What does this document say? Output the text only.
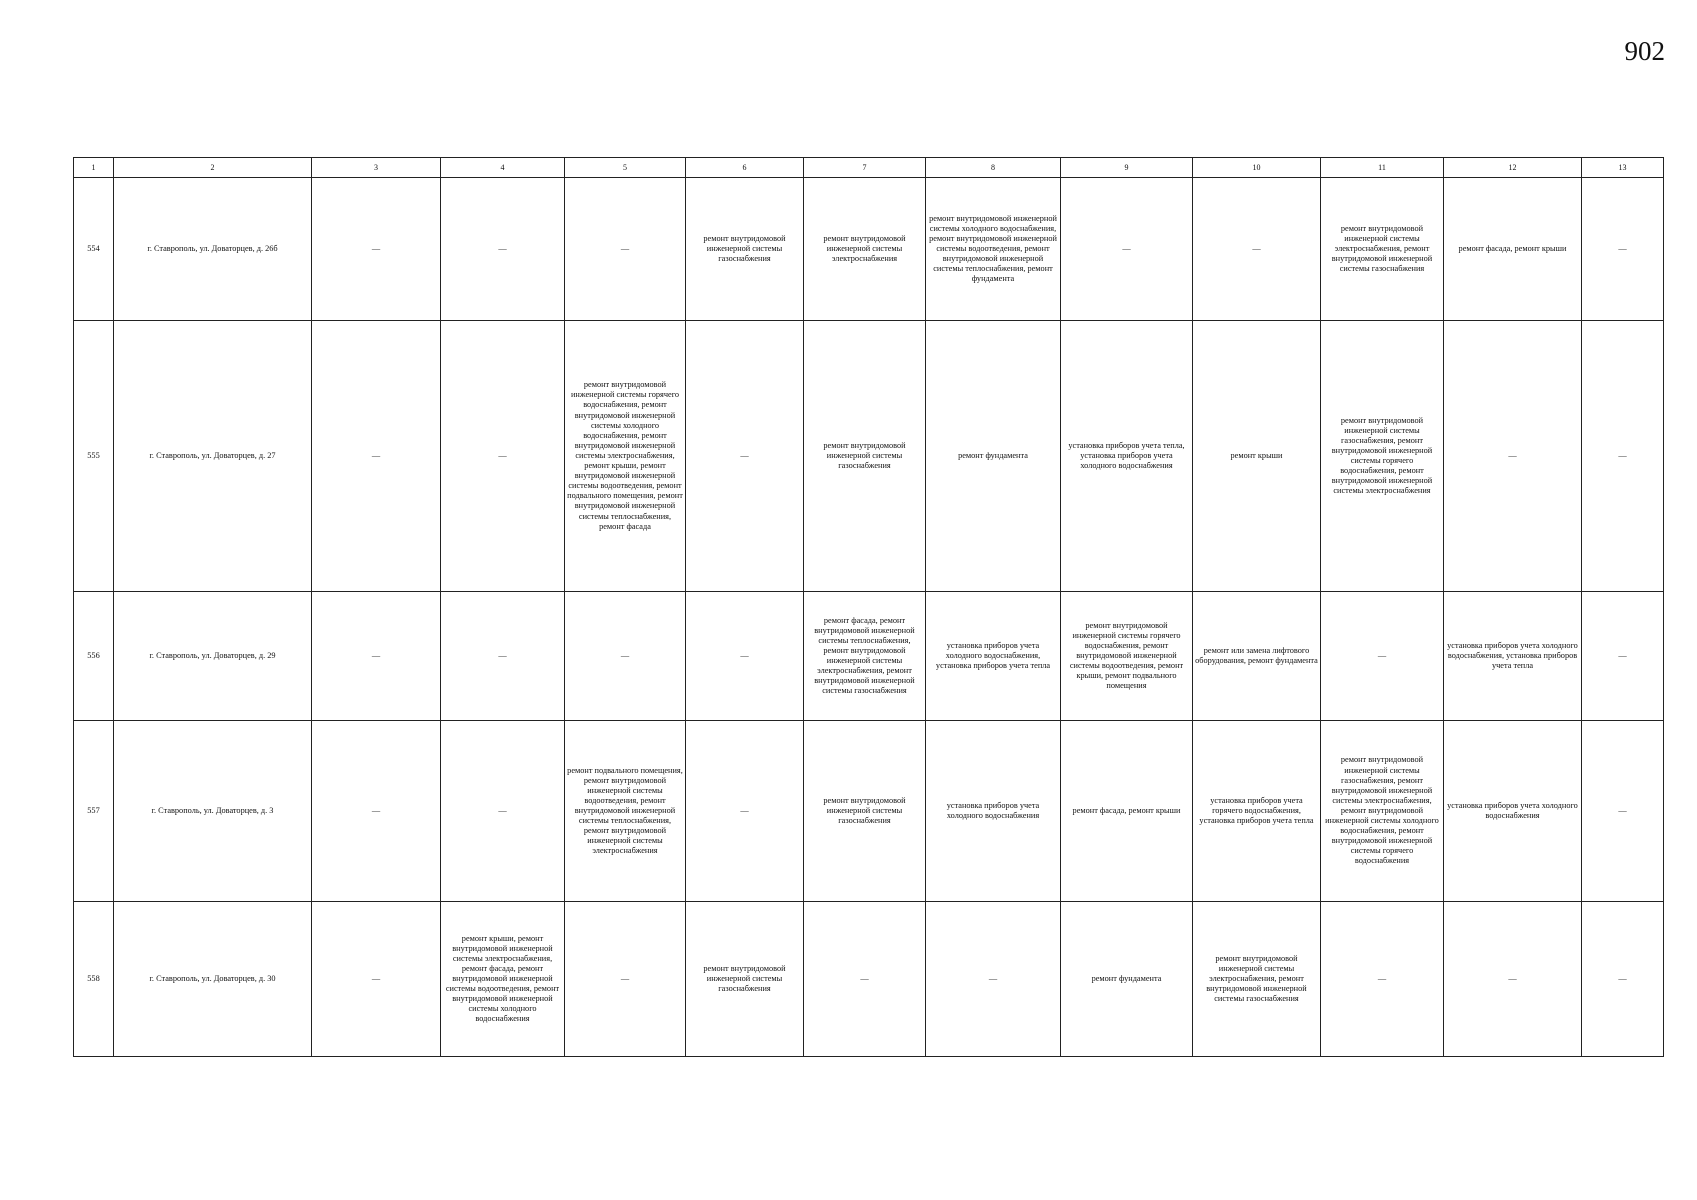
902
1	2	3	4	5	6	7	8	9	10	11	12	13
554	г. Ставрополь, ул. Доваторцев, д. 26б	—	—	—	ремонт внутридомовой инженерной системы газоснабжения	ремонт внутридомовой инженерной системы электроснабжения	ремонт внутридомовой инженерной системы холодного водоснабжения, ремонт внутридомовой инженерной системы водоотведения, ремонт внутридомовой инженерной системы теплоснабжения, ремонт фундамента	—	—	ремонт внутридомовой инженерной системы электроснабжения, ремонт внутридомовой инженерной системы газоснабжения	ремонт фасада, ремонт крыши	—
555	г. Ставрополь, ул. Доваторцев, д. 27	—	—	ремонт внутридомовой инженерной системы горячего водоснабжения, ремонт внутридомовой инженерной системы холодного водоснабжения, ремонт внутридомовой инженерной системы электроснабжения, ремонт крыши, ремонт внутридомовой инженерной системы водоотведения, ремонт подвального помещения, ремонт внутридомовой инженерной системы теплоснабжения, ремонт фасада	—	ремонт внутридомовой инженерной системы газоснабжения	ремонт фундамента	установка приборов учета тепла, установка приборов учета холодного водоснабжения	ремонт крыши	ремонт внутридомовой инженерной системы газоснабжения, ремонт внутридомовой инженерной системы горячего водоснабжения, ремонт внутридомовой инженерной системы электроснабжения	—	—
556	г. Ставрополь, ул. Доваторцев, д. 29	—	—	—	—	ремонт фасада, ремонт внутридомовой инженерной системы теплоснабжения, ремонт внутридомовой инженерной системы электроснабжения, ремонт внутридомовой инженерной системы газоснабжения	установка приборов учета холодного водоснабжения, установка приборов учета тепла	ремонт внутридомовой инженерной системы горячего водоснабжения, ремонт внутридомовой инженерной системы водоотведения, ремонт крыши, ремонт подвального помещения	ремонт или замена лифтового оборудования, ремонт фундамента	—	установка приборов учета холодного водоснабжения, установка приборов учета тепла	—
557	г. Ставрополь, ул. Доваторцев, д. 3	—	—	ремонт подвального помещения, ремонт внутридомовой инженерной системы водоотведения, ремонт внутридомовой инженерной системы теплоснабжения, ремонт внутридомовой инженерной системы электроснабжения	—	ремонт внутридомовой инженерной системы газоснабжения	установка приборов учета холодного водоснабжения	ремонт фасада, ремонт крыши	установка приборов учета горячего водоснабжения, установка приборов учета тепла	ремонт внутридомовой инженерной системы газоснабжения, ремонт внутридомовой инженерной системы электроснабжения, ремонт внутридомовой инженерной системы холодного водоснабжения, ремонт внутридомовой инженерной системы горячего водоснабжения	установка приборов учета холодного водоснабжения	—
558	г. Ставрополь, ул. Доваторцев, д. 30	—	ремонт крыши, ремонт внутридомовой инженерной системы электроснабжения, ремонт фасада, ремонт внутридомовой инженерной системы водоотведения, ремонт внутридомовой инженерной системы холодного водоснабжения	—	ремонт внутридомовой инженерной системы газоснабжения	—	—	ремонт фундамента	ремонт внутридомовой инженерной системы электроснабжения, ремонт внутридомовой инженерной системы газоснабжения	—	—	—
